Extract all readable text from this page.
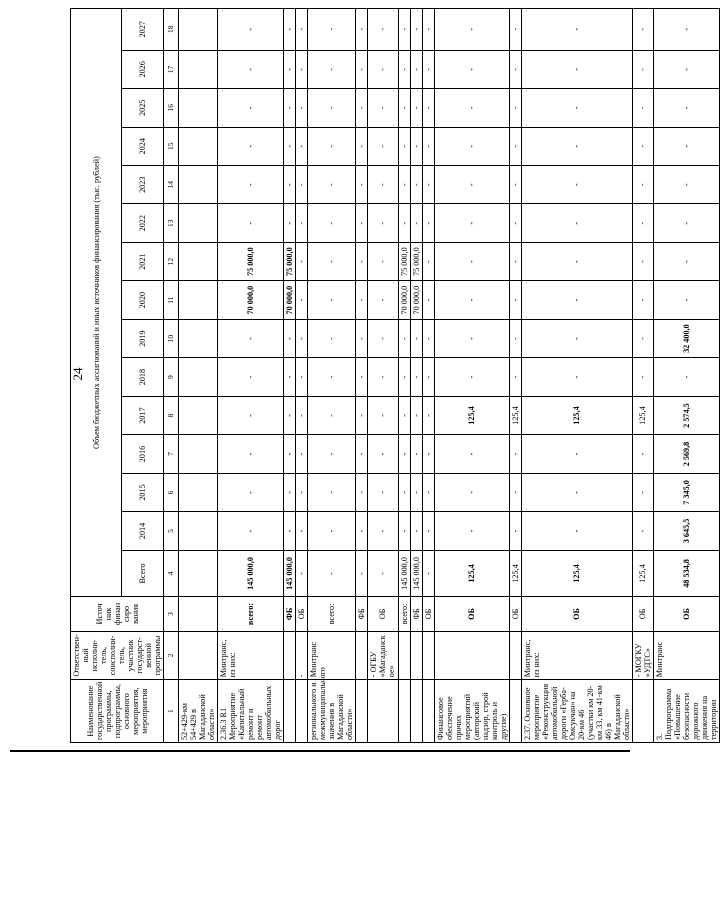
24
Наименование государственной программы, подпрограммы, основного мероприятия, мероприятия	Ответствен-ный исполни-тель, соисполни-тель, участник государст-венной программы	Источ ник финан сиро вания	Объем бюджетных ассигнований и иных источников финансирования (тыс. рублей)														
			Всего	2014	2015	2016	2017	2018	2019	2020	2021	2022	2023	2024	2025	2026	2027
1	2	3	4	5	6	7	8	9	10	11	12	13	14	15	16	17	18
52+429-км 54+429 в Магаданской области»																	
2.36.3 R1 Мероприятие «Капитальный ремонт и ремонт автомобильных дорог	Минтранс, из них:	всего:	145 000,0	-	-	-	-	-	-	70 000,0	75 000,0	-	-	-	-	-	-
		ФБ	145 000,0	-	-	-	-	-	-	70 000,0	75 000,0	-	-	-	-	-	-
	-	ОБ	-	-	-	-	-	-	-	-	-	-	-	-	-	-	-
регионального и межмуниципального значения в Магаданской области»	Минтранс	всего:	-	-	-	-	-	-	-	-	-	-	-	-	-	-	-
		ФБ	-	-	-	-	-	-	-	-	-	-	-	-	-	-	-
	- ОГБУ «Магаданск ое»	ОБ	-	-	-	-	-	-	-	-	-	-	-	-	-	-	-
		всего:	145 000,0	-	-	-	-	-	-	70 000,0	75 000,0	-	-	-	-	-	-
		ФБ	145 000,0	-	-	-	-	-	-	70 000,0	75 000,0	-	-	-	-	-	-
		ОБ	-	-	-	-	-	-	-	-	-	-	-	-	-	-	-
Финансовое обеспечение прочих мероприятий (авторский надзор, строй контроль и другие)		ОБ	125,4	-	-	-	125,4	-	-	-	-	-	-	-	-	-	-
		ОБ	125,4	-	-	-	125,4	-	-	-	-	-	-	-	-	-	-
2.37. Основное мероприятие «Реконструкция автомобильной дороги «Герба-Омсукчан» на 20-км 46 (участки км 20-км 33, км 41-км 46) в Магаданской области»	Минтранс, из них:	ОБ	125,4	-	-	-	125,4	-	-	-	-	-	-	-	-	-	-
	- МОГКУ «УДТС»	ОБ	125,4	-	-	-	125,4	-	-	-	-	-	-	-	-	-	-
3. Подпрограмма «Повышение безопасности дорожного движения на территории	Минтранс	ОБ	48 534,8	3 645,5	7 345,0	2 569,8	2 574,5	-	32 400,0	-	-	-	-	-	-	-	-
